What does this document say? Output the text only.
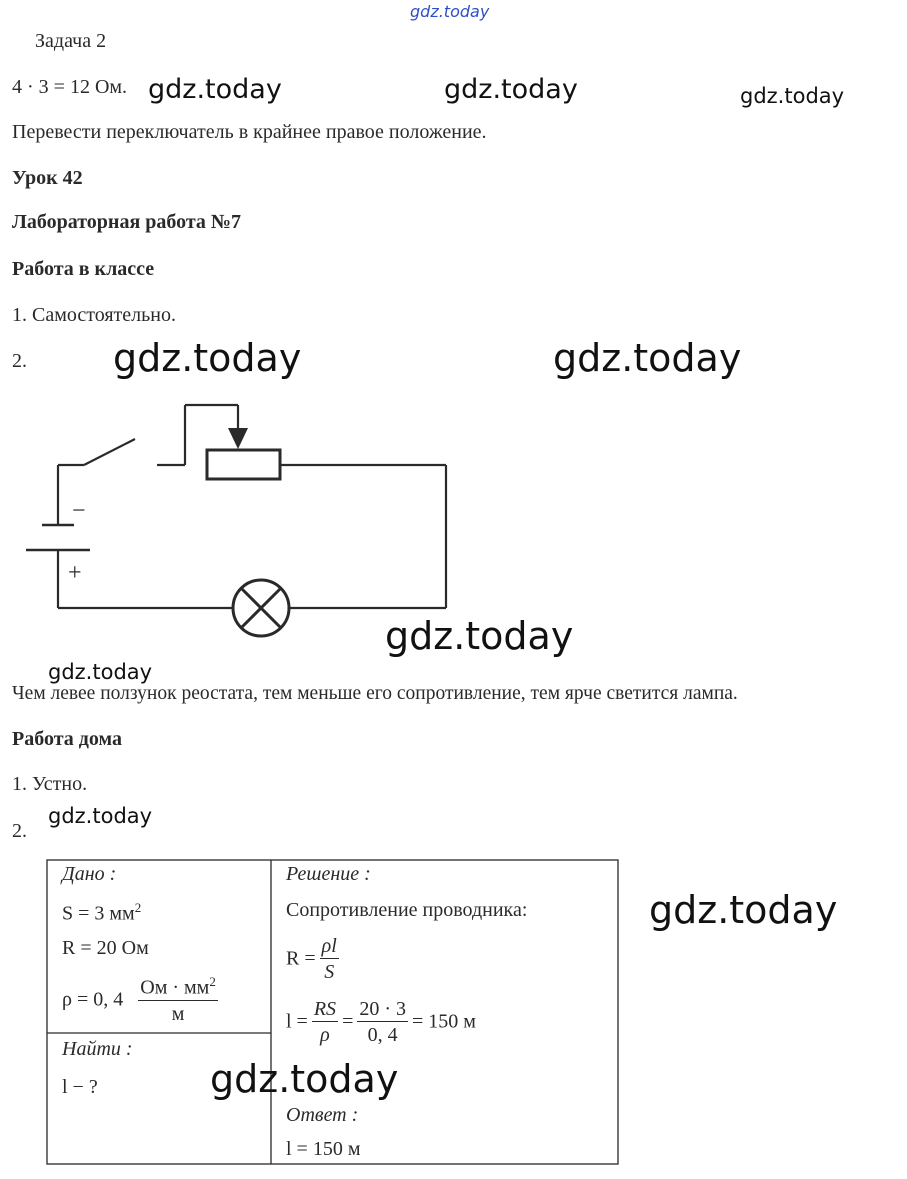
gdz.today
Задача 2
4 · 3 = 12 Ом. gdz.today	gdz.today	gdz.today
Перевести переключатель в крайнее правое положение.
Урок 42
Лабораторная работа №7
Работа в классе
1. Самостоятельно.
2. gdz.today	gdz.today
−
+
gdz.today
gdz.today
Чем левее ползунок реостата, тем меньше его сопротивление, тем ярче светится лампа.
Работа дома
1. Устно.
2.
gdz.today
Дано :
S = 3 $мм^2$
R = 20 Ом
ρ = 0, $4 \frac{Ом \cdot мм^2}{м}$
Найти :
l − ?
Решение :
Сопротивление проводника:
$R = \frac{\rho l}{S}$
$l = \frac{RS}{\rho} = \frac{20 \cdot 3}{0, 4} = 150$ м
Ответ :
l = 150 м
gdz.today
gdz.today
